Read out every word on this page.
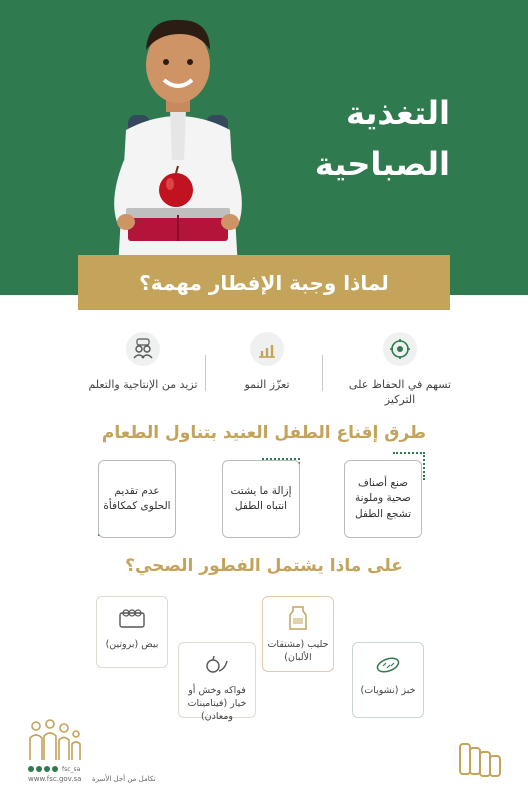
التغذية
الصباحية
لماذا وجبة الإفطار مهمة؟
تسهم في الحفاظ على التركيز
تعزّز النمو
تزيد من الإنتاجية والتعلم
طرق إقناع الطفل العنيد بتناول الطعام
صنع أصناف صحية وملونة تشجع الطفل
إزالة ما يشتت انتباه الطفل
عدم تقديم الحلوى كمكافأة
على ماذا يشتمل الفطور الصحي؟
بيض (بروتين)	حليب (مشتقات الألبان)
فواكه وخش أو خيار (فيتامينات ومعادن)
خبز (نشويات)
fsc_sa
www.fsc.gov.sa تكامل من أجل الأسرة
